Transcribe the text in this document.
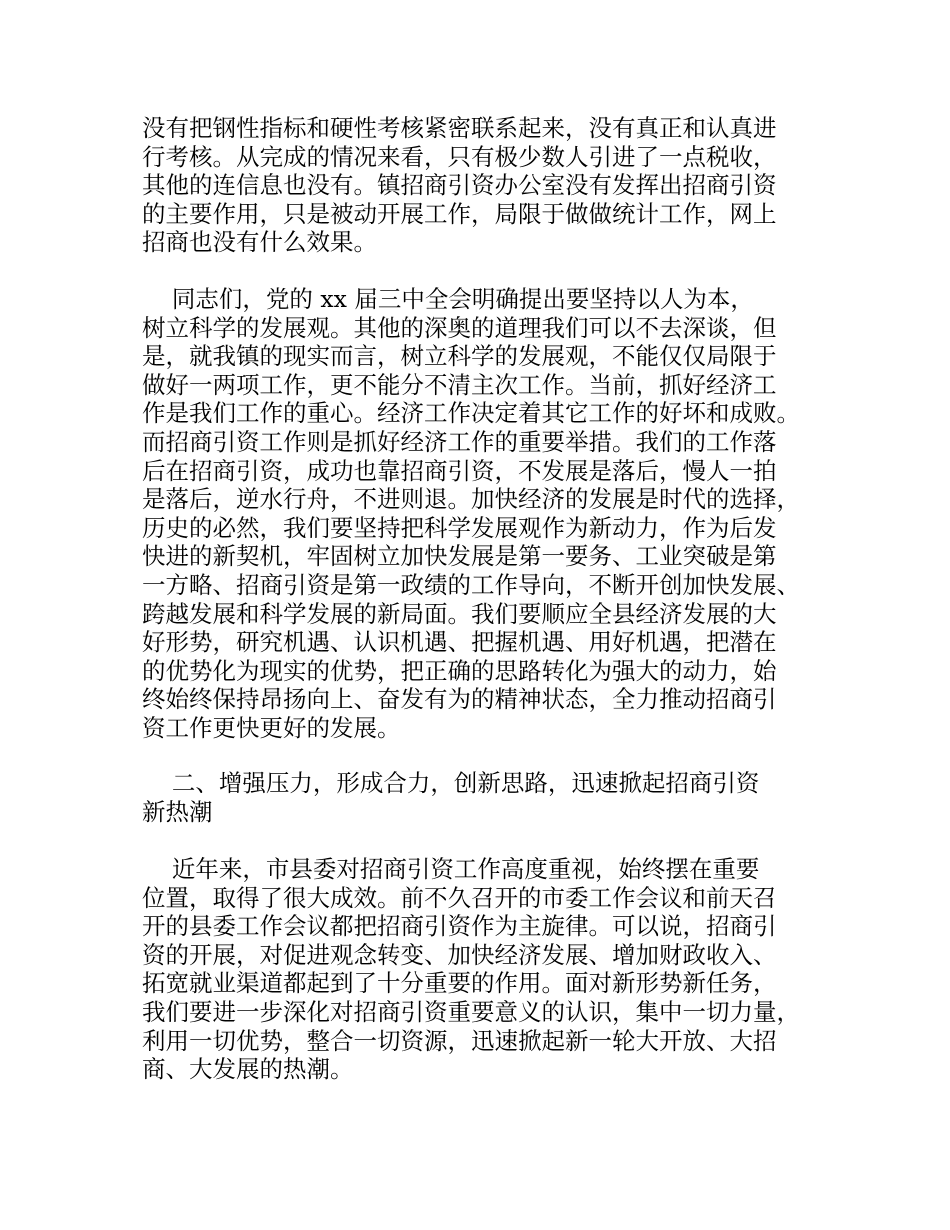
没有把钢性指标和硬性考核紧密联系起来，没有真正和认真进
行考核。从完成的情况来看，只有极少数人引进了一点税收，
其他的连信息也没有。镇招商引资办公室没有发挥出招商引资
的主要作用，只是被动开展工作，局限于做做统计工作，网上
招商也没有什么效果。
同志们，党的 xx 届三中全会明确提出要坚持以人为本，
树立科学的发展观。其他的深奥的道理我们可以不去深谈，但
是，就我镇的现实而言，树立科学的发展观，不能仅仅局限于
做好一两项工作，更不能分不清主次工作。当前，抓好经济工
作是我们工作的重心。经济工作决定着其它工作的好坏和成败。
而招商引资工作则是抓好经济工作的重要举措。我们的工作落
后在招商引资，成功也靠招商引资，不发展是落后，慢人一拍
是落后，逆水行舟，不进则退。加快经济的发展是时代的选择，
历史的必然，我们要坚持把科学发展观作为新动力，作为后发
快进的新契机，牢固树立加快发展是第一要务、工业突破是第
一方略、招商引资是第一政绩的工作导向，不断开创加快发展、
跨越发展和科学发展的新局面。我们要顺应全县经济发展的大
好形势，研究机遇、认识机遇、把握机遇、用好机遇，把潜在
的优势化为现实的优势，把正确的思路转化为强大的动力，始
终始终保持昂扬向上、奋发有为的精神状态，全力推动招商引
资工作更快更好的发展。
二、增强压力，形成合力，创新思路，迅速掀起招商引资
新热潮
近年来，市县委对招商引资工作高度重视，始终摆在重要
位置，取得了很大成效。前不久召开的市委工作会议和前天召
开的县委工作会议都把招商引资作为主旋律。可以说，招商引
资的开展，对促进观念转变、加快经济发展、增加财政收入、
拓宽就业渠道都起到了十分重要的作用。面对新形势新任务，
我们要进一步深化对招商引资重要意义的认识，集中一切力量，
利用一切优势，整合一切资源，迅速掀起新一轮大开放、大招
商、大发展的热潮。
